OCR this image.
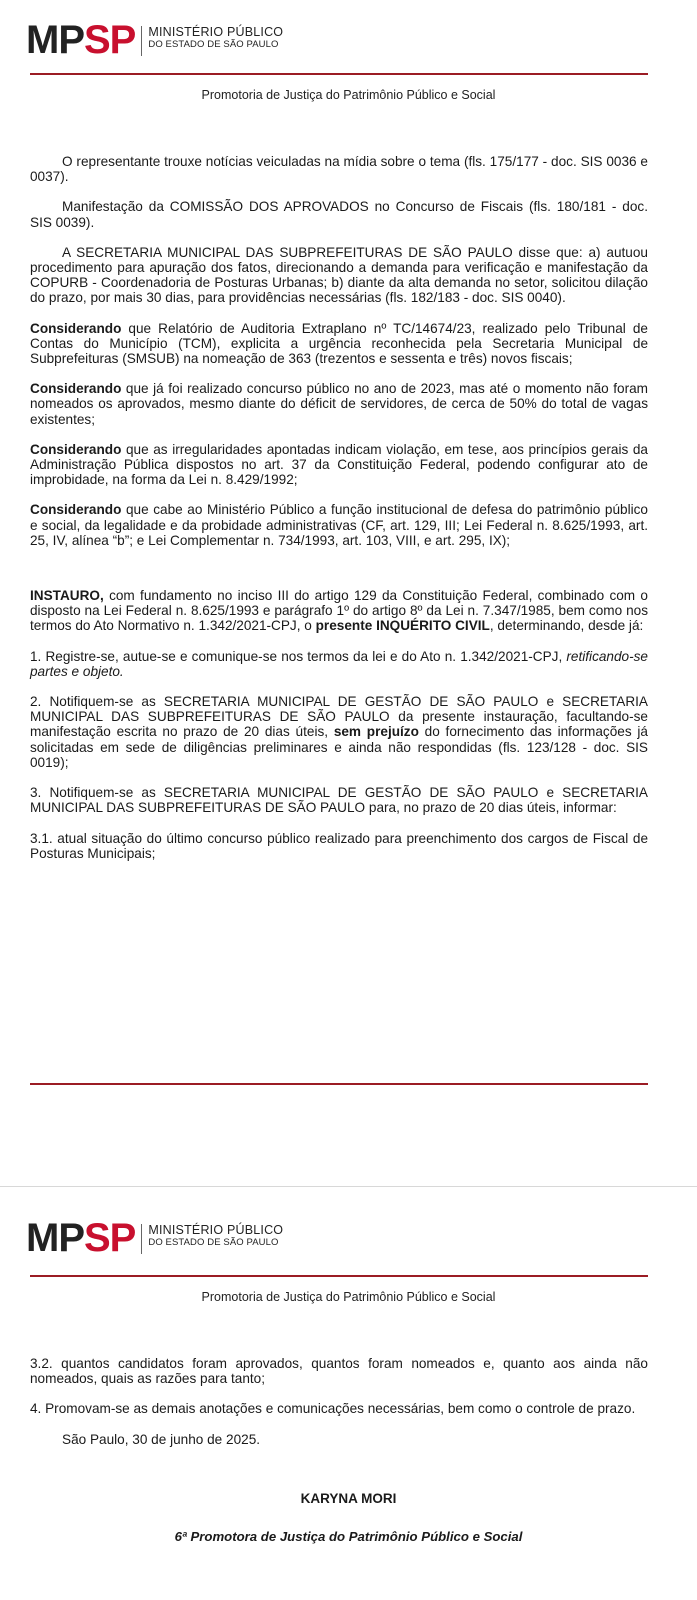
MP SP MINISTÉRIO PÚBLICO
DO ESTADO DE SÃO PAULO
Promotoria de Justiça do Patrimônio Público e Social

O representante trouxe notícias veiculadas na mídia sobre o tema (fls. 175/177 - doc. SIS 0036 e 0037).

Manifestação da COMISSÃO DOS APROVADOS no Concurso de Fiscais (fls. 180/181 - doc. SIS 0039).

A SECRETARIA MUNICIPAL DAS SUBPREFEITURAS DE SÃO PAULO disse que: a) autuou procedimento para apuração dos fatos, direcionando a demanda para verificação e manifestação da COPURB - Coordenadoria de Posturas Urbanas; b) diante da alta demanda no setor, solicitou dilação do prazo, por mais 30 dias, para providências necessárias (fls. 182/183 - doc. SIS 0040).

Considerando que Relatório de Auditoria Extraplano nº TC/14674/23, realizado pelo Tribunal de Contas do Município (TCM), explicita a urgência reconhecida pela Secretaria Municipal de Subprefeituras (SMSUB) na nomeação de 363 (trezentos e sessenta e três) novos fiscais;

Considerando que já foi realizado concurso público no ano de 2023, mas até o momento não foram nomeados os aprovados, mesmo diante do déficit de servidores, de cerca de 50% do total de vagas existentes;

Considerando que as irregularidades apontadas indicam violação, em tese, aos princípios gerais da Administração Pública dispostos no art. 37 da Constituição Federal, podendo configurar ato de improbidade, na forma da Lei n. 8.429/1992;

Considerando que cabe ao Ministério Público a função institucional de defesa do patrimônio público e social, da legalidade e da probidade administrativas (CF, art. 129, III; Lei Federal n. 8.625/1993, art. 25, IV, alínea “b”; e Lei Complementar n. 734/1993, art. 103, VIII, e art. 295, IX);

INSTAURO, com fundamento no inciso III do artigo 129 da Constituição Federal, combinado com o disposto na Lei Federal n. 8.625/1993 e parágrafo 1º do artigo 8º da Lei n. 7.347/1985, bem como nos termos do Ato Normativo n. 1.342/2021-CPJ, o presente INQUÉRITO CIVIL, determinando, desde já:

1. Registre-se, autue-se e comunique-se nos termos da lei e do Ato n. 1.342/2021-CPJ, retificando-se partes e objeto.

2. Notifiquem-se as SECRETARIA MUNICIPAL DE GESTÃO DE SÃO PAULO e SECRETARIA MUNICIPAL DAS SUBPREFEITURAS DE SÃO PAULO da presente instauração, facultando-se manifestação escrita no prazo de 20 dias úteis, sem prejuízo do fornecimento das informações já solicitadas em sede de diligências preliminares e ainda não respondidas (fls. 123/128 - doc. SIS 0019);

3. Notifiquem-se as SECRETARIA MUNICIPAL DE GESTÃO DE SÃO PAULO e SECRETARIA MUNICIPAL DAS SUBPREFEITURAS DE SÃO PAULO para, no prazo de 20 dias úteis, informar:

3.1. atual situação do último concurso público realizado para preenchimento dos cargos de Fiscal de Posturas Municipais;

MP SP MINISTÉRIO PÚBLICO
DO ESTADO DE SÃO PAULO
Promotoria de Justiça do Patrimônio Público e Social

3.2. quantos candidatos foram aprovados, quantos foram nomeados e, quanto aos ainda não nomeados, quais as razões para tanto;

4. Promovam-se as demais anotações e comunicações necessárias, bem como o controle de prazo.

São Paulo, 30 de junho de 2025.

KARYNA MORI
6ª Promotora de Justiça do Patrimônio Público e Social
